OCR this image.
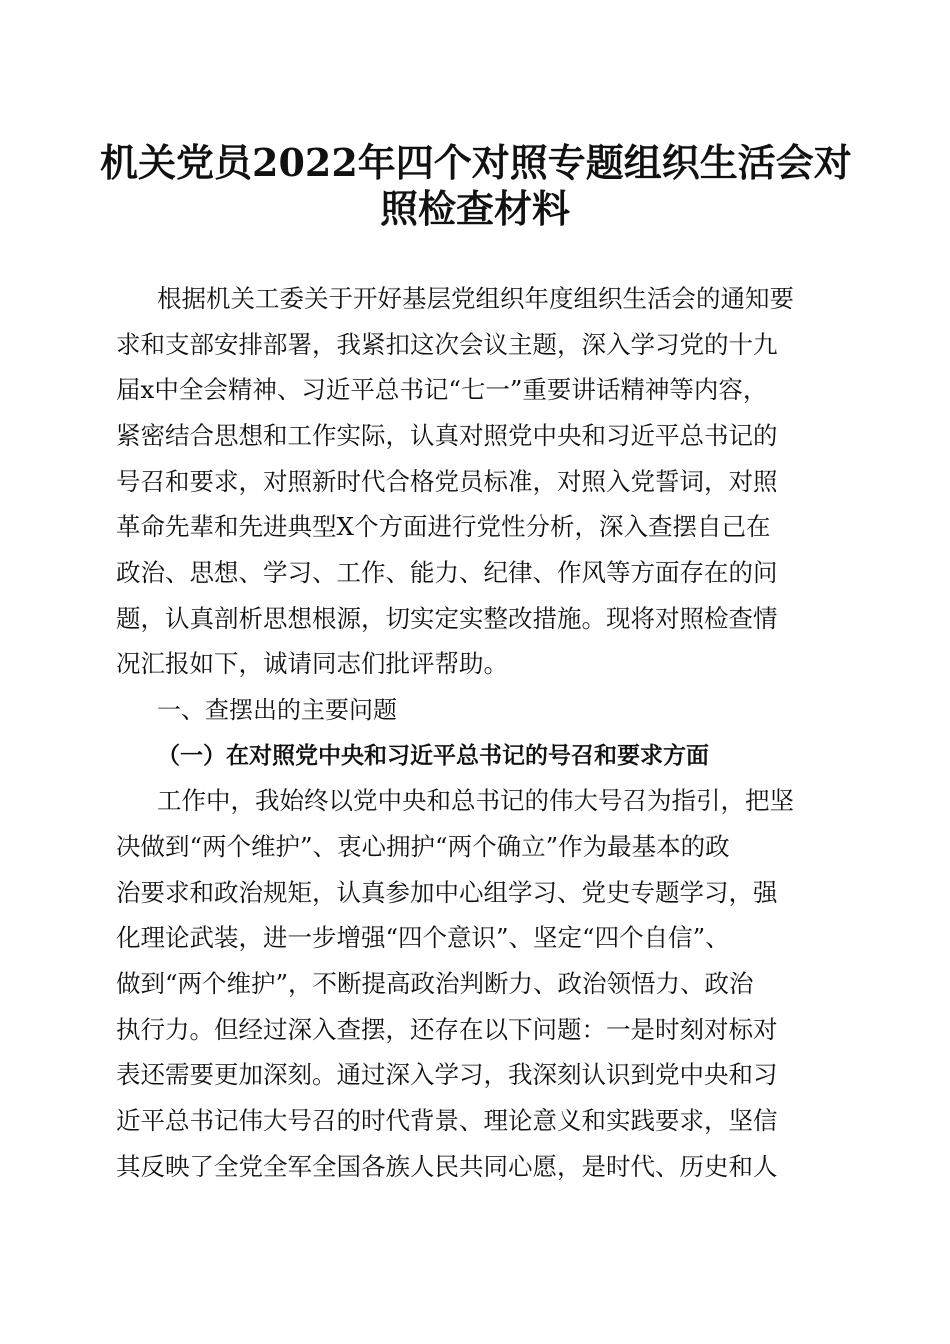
机关党员2022年四个对照专题组织生活会对
照检查材料
根据机关工委关于开好基层党组织年度组织生活会的通知要
求和支部安排部署，我紧扣这次会议主题，深入学习党的十九
届x中全会精神、习近平总书记“七一”重要讲话精神等内容，
紧密结合思想和工作实际，认真对照党中央和习近平总书记的
号召和要求，对照新时代合格党员标准，对照入党誓词，对照
革命先辈和先进典型X个方面进行党性分析，深入查摆自己在
政治、思想、学习、工作、能力、纪律、作风等方面存在的问
题，认真剖析思想根源，切实定实整改措施。现将对照检查情
况汇报如下，诚请同志们批评帮助。
一、查摆出的主要问题
（一）在对照党中央和习近平总书记的号召和要求方面
工作中，我始终以党中央和总书记的伟大号召为指引，把坚
决做到“两个维护”、衷心拥护“两个确立”作为最基本的政
治要求和政治规矩，认真参加中心组学习、党史专题学习，强
化理论武装，进一步增强“四个意识”、坚定“四个自信”、
做到“两个维护”，不断提高政治判断力、政治领悟力、政治
执行力。但经过深入查摆，还存在以下问题：一是时刻对标对
表还需要更加深刻。通过深入学习，我深刻认识到党中央和习
近平总书记伟大号召的时代背景、理论意义和实践要求，坚信
其反映了全党全军全国各族人民共同心愿，是时代、历史和人
